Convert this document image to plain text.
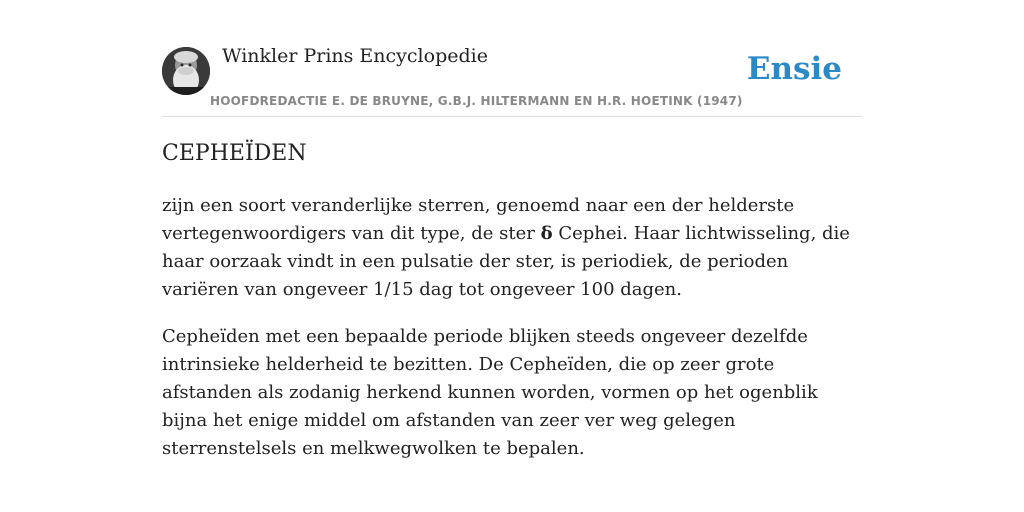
Winkler Prins Encyclopedie
HOOFDREDACTIE E. DE BRUYNE, G.B.J. HILTERMANN EN H.R. HOETINK (1947)
Ensie
CEPHEÏDEN

zijn een soort veranderlijke sterren, genoemd naar een der helderste vertegenwoordigers van dit type, de ster δ Cephei. Haar lichtwisseling, die haar oorzaak vindt in een pulsatie der ster, is periodiek, de perioden variëren van ongeveer 1/15 dag tot ongeveer 100 dagen.

Cepheïden met een bepaalde periode blijken steeds ongeveer dezelfde intrinsieke helderheid te bezitten. De Cepheïden, die op zeer grote afstanden als zodanig herkend kunnen worden, vormen op het ogenblik bijna het enige middel om afstanden van zeer ver weg gelegen sterrenstelsels en melkwegwolken te bepalen.
